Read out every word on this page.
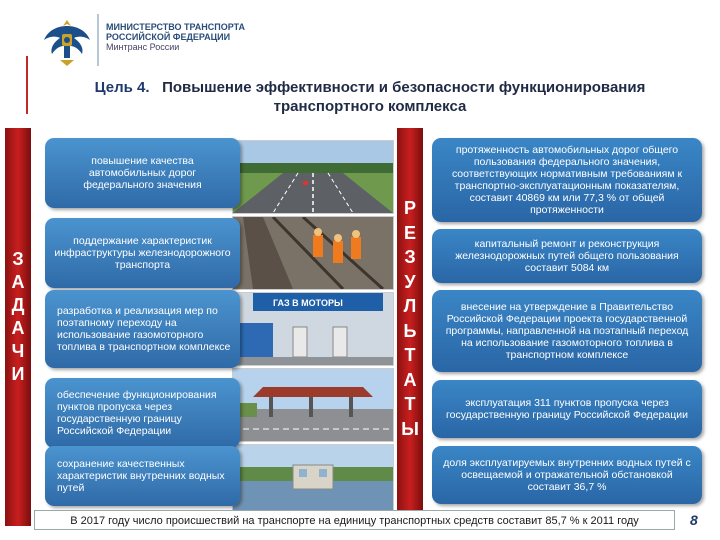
МИНИСТЕРСТВО ТРАНСПОРТА
РОССИЙСКОЙ ФЕДЕРАЦИИ
Минтранс России
Цель 4. Повышение эффективности и безопасности функционирования
транспортного комплекса
З
А
Д
А
Ч
И
Р
Е
З
У
Л
Ь
Т
А
Т
Ы
ГАЗ В МОТОРЫ
повышение качества автомобильных дорог федерального значения
поддержание характеристик инфраструктуры железнодорожного транспорта
разработка и реализация мер по поэтапному переходу на использование газомоторного топлива в транспортном комплексе
обеспечение функционирования пунктов пропуска через государственную границу Российской Федерации
сохранение качественных характеристик внутренних водных путей
протяженность автомобильных дорог общего пользования федерального значения, соответствующих нормативным требованиям к транспортно-эксплуатационным показателям, составит 40869 км или 77,3 % от общей протяженности
капитальный ремонт и реконструкция железнодорожных путей общего пользования составит 5084 км
внесение на утверждение в Правительство Российской Федерации проекта государственной программы, направленной на поэтапный переход на использование газомоторного топлива в транспортном комплексе
эксплуатация 311 пунктов пропуска через государственную границу Российской Федерации
доля эксплуатируемых внутренних водных путей с освещаемой и отражательной обстановкой составит 36,7 %
В 2017 году число происшествий на транспорте на единицу транспортных средств составит 85,7 % к 2011 году	8
